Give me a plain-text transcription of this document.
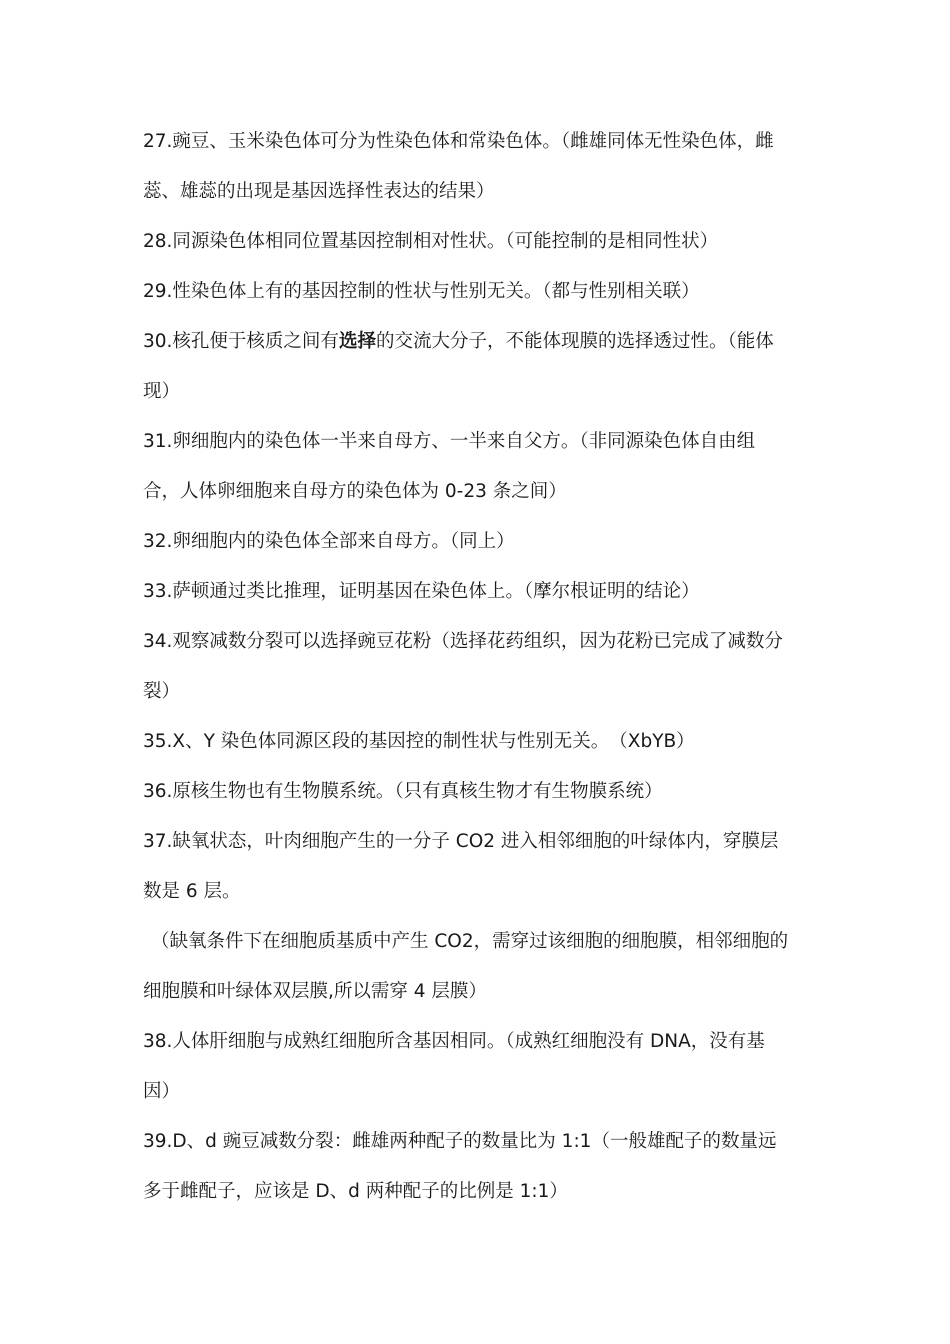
27.豌豆、玉米染色体可分为性染色体和常染色体。（雌雄同体无性染色体，雌
蕊、雄蕊的出现是基因选择性表达的结果）
28.同源染色体相同位置基因控制相对性状。（可能控制的是相同性状）
29.性染色体上有的基因控制的性状与性别无关。（都与性别相关联）
30.核孔便于核质之间有选择的交流大分子，不能体现膜的选择透过性。（能体
现）
31.卵细胞内的染色体一半来自母方、一半来自父方。（非同源染色体自由组
合，人体卵细胞来自母方的染色体为 0-23 条之间）
32.卵细胞内的染色体全部来自母方。（同上）
33.萨顿通过类比推理，证明基因在染色体上。（摩尔根证明的结论）
34.观察减数分裂可以选择豌豆花粉（选择花药组织，因为花粉已完成了减数分
裂）
35.X、Y 染色体同源区段的基因控的制性状与性别无关。　（XbYB）
36.原核生物也有生物膜系统。（只有真核生物才有生物膜系统）
37.缺氧状态，叶肉细胞产生的一分子 CO2 进入相邻细胞的叶绿体内，穿膜层
数是 6 层。
（缺氧条件下在细胞质基质中产生 CO2，需穿过该细胞的细胞膜，相邻细胞的
细胞膜和叶绿体双层膜,所以需穿 4 层膜）
38.人体肝细胞与成熟红细胞所含基因相同。（成熟红细胞没有 DNA，没有基
因）
39.D、d 豌豆减数分裂：雌雄两种配子的数量比为 1:1（一般雄配子的数量远
多于雌配子，应该是 D、d 两种配子的比例是 1:1）
